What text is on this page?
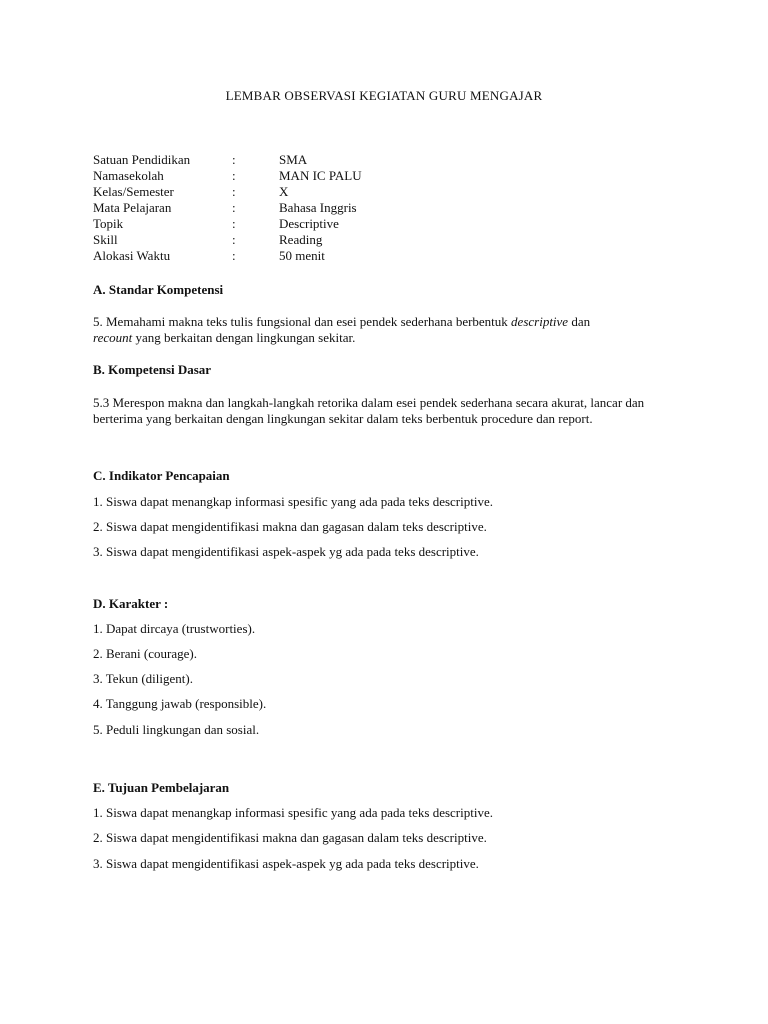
LEMBAR OBSERVASI KEGIATAN GURU MENGAJAR
Satuan Pendidikan	:	SMA
Namasekolah	:	MAN IC PALU
Kelas/Semester	:	X
Mata Pelajaran	:	Bahasa Inggris
Topik	:	Descriptive
Skill	:	Reading
Alokasi Waktu	:	50 menit
A. Standar Kompetensi
5. Memahami makna teks tulis fungsional dan esei pendek sederhana berbentuk descriptive dan
recount yang berkaitan dengan lingkungan sekitar.
B. Kompetensi Dasar
5.3 Merespon makna dan langkah-langkah retorika dalam esei pendek sederhana secara akurat, lancar dan berterima yang berkaitan dengan lingkungan sekitar dalam teks berbentuk procedure dan report.
C. Indikator Pencapaian
1. Siswa dapat menangkap informasi spesific yang ada pada teks descriptive.
2. Siswa dapat mengidentifikasi makna dan gagasan dalam teks descriptive.
3. Siswa dapat mengidentifikasi aspek-aspek yg ada pada teks descriptive.
D. Karakter :
1. Dapat dircaya (trustworties).
2. Berani (courage).
3. Tekun (diligent).
4. Tanggung jawab (responsible).
5. Peduli lingkungan dan sosial.
E. Tujuan Pembelajaran
1. Siswa dapat menangkap informasi spesific yang ada pada teks descriptive.
2. Siswa dapat mengidentifikasi makna dan gagasan dalam teks descriptive.
3. Siswa dapat mengidentifikasi aspek-aspek yg ada pada teks descriptive.
